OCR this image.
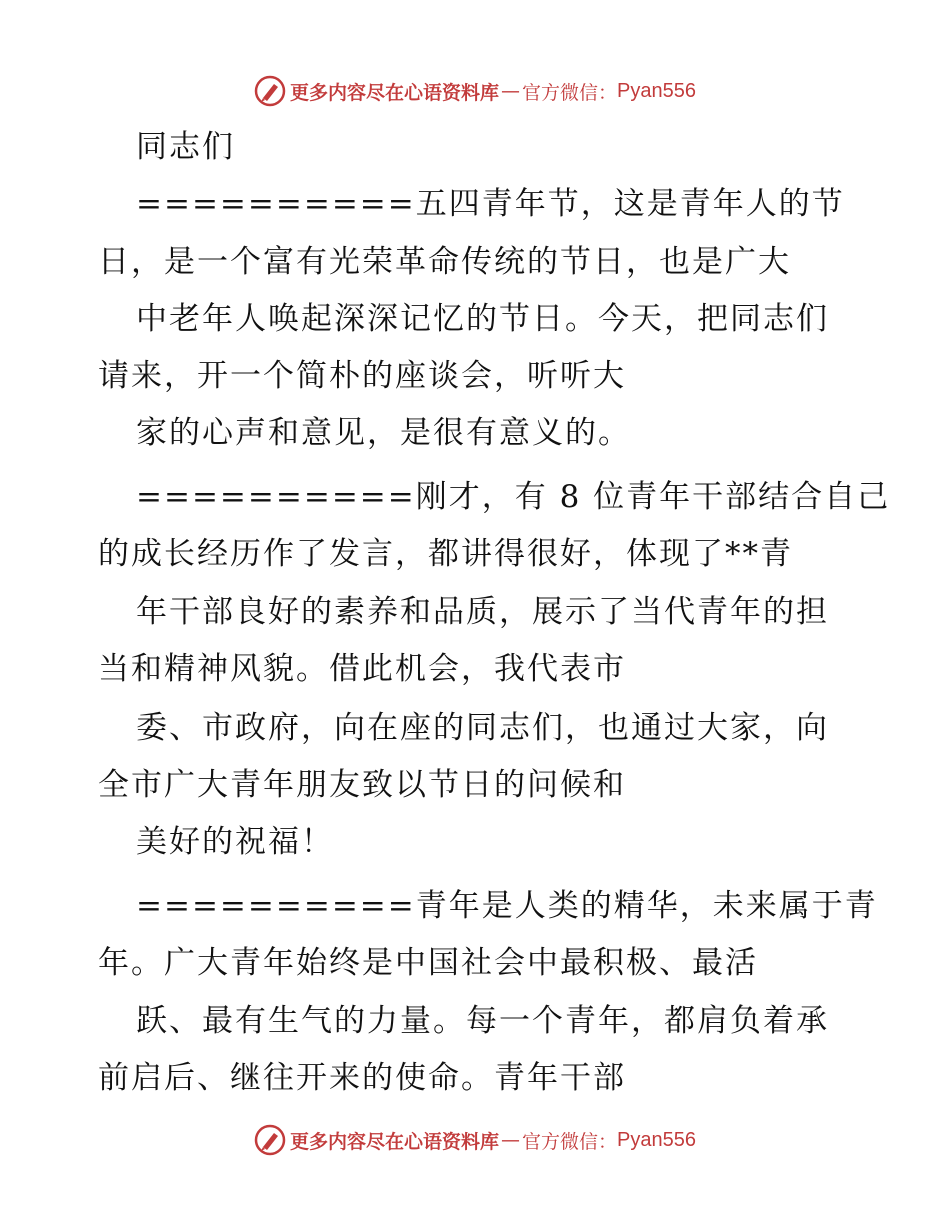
更多内容尽在心语资料库 — 官方微信： Pyan556
同志们
==========五四青年节，这是青年人的节
日，是一个富有光荣革命传统的节日，也是广大
中老年人唤起深深记忆的节日。今天，把同志们
请来，开一个简朴的座谈会，听听大
家的心声和意见，是很有意义的。
==========刚才，有 8 位青年干部结合自己
的成长经历作了发言，都讲得很好，体现了**青
年干部良好的素养和品质，展示了当代青年的担
当和精神风貌。借此机会，我代表市
委、市政府，向在座的同志们，也通过大家，向
全市广大青年朋友致以节日的问候和
美好的祝福！
==========青年是人类的精华，未来属于青
年。广大青年始终是中国社会中最积极、最活
跃、最有生气的力量。每一个青年，都肩负着承
前启后、继往开来的使命。青年干部
更多内容尽在心语资料库 — 官方微信： Pyan556
